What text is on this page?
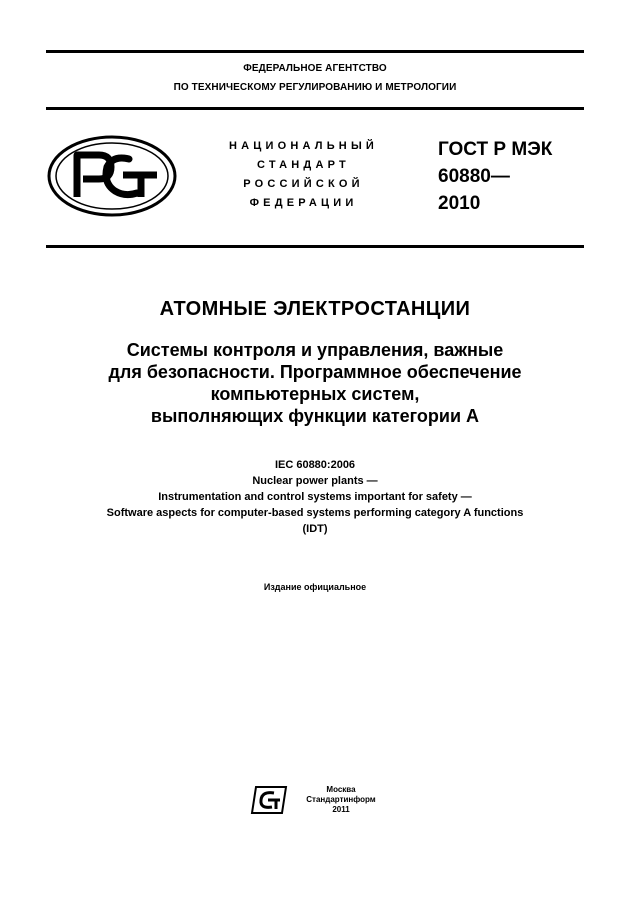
ФЕДЕРАЛЬНОЕ АГЕНТСТВО
ПО ТЕХНИЧЕСКОМУ РЕГУЛИРОВАНИЮ И МЕТРОЛОГИИ
НАЦИОНАЛЬНЫЙ
СТАНДАРТ
РОССИЙСКОЙ
ФЕДЕРАЦИИ
ГОСТ Р МЭК
60880—
2010
АТОМНЫЕ ЭЛЕКТРОСТАНЦИИ
Системы контроля и управления, важные
для безопасности. Программное обеспечение
компьютерных систем,
выполняющих функции категории А
IEC 60880:2006
Nuclear power plants —
Instrumentation and control systems important for safety —
Software aspects for computer-based systems performing category A functions
(IDT)
Издание официальное
Москва
Стандартинформ
2011
